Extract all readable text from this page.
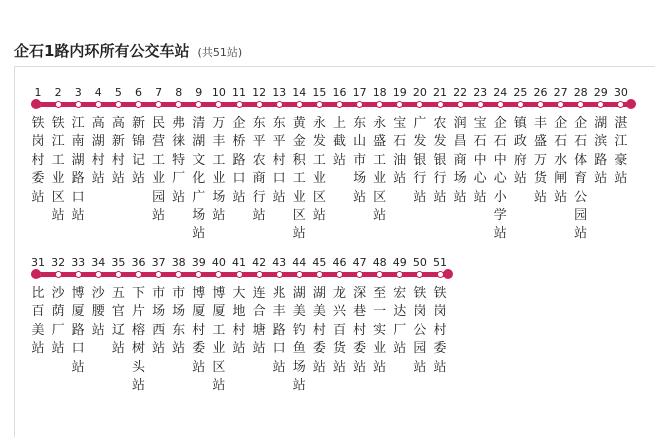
企石1路内环所有公交车站 (共51站)
1
铁岗村委站
2
铁江工业区站
3
江南湖路口站
4
高湖村站
5
高新村站
6
新锦记站
7
民营工业园站
8
弗徕特厂站
9
清湖文化广场站
10
万丰工业场站
11
企桥路口站
12
东平农商行站
13
东平村口站
14
黄金积工业区站
15
永发工业区站
16
上截站
17
东山市场站
18
永盛工业区站
19
宝石油站
20
广发银行站
21
农发银行站
22
润昌商场站
23
宝石中心站
24
企石中心小学站
25
镇政府站
26
丰盛万货站
27
企石水闸站
28
企石体育公园站
29
湖滨路站
30
湛江豪站
31
比百美站
32
沙荫厂站
33
博厦路口站
34
沙腰站
35
五官辽站
36
下片榕树头站
37
市场西站
38
市场东站
39
博厦村委站
40
博厦工业区站
41
大地村站
42
连合塘站
43
兆丰路口站
44
湖美钓鱼场站
45
湖美村委站
46
龙兴百货站
47
深巷村委站
48
至一实业站
49
宏达厂站
50
铁岗公园站
51
铁岗村委站
